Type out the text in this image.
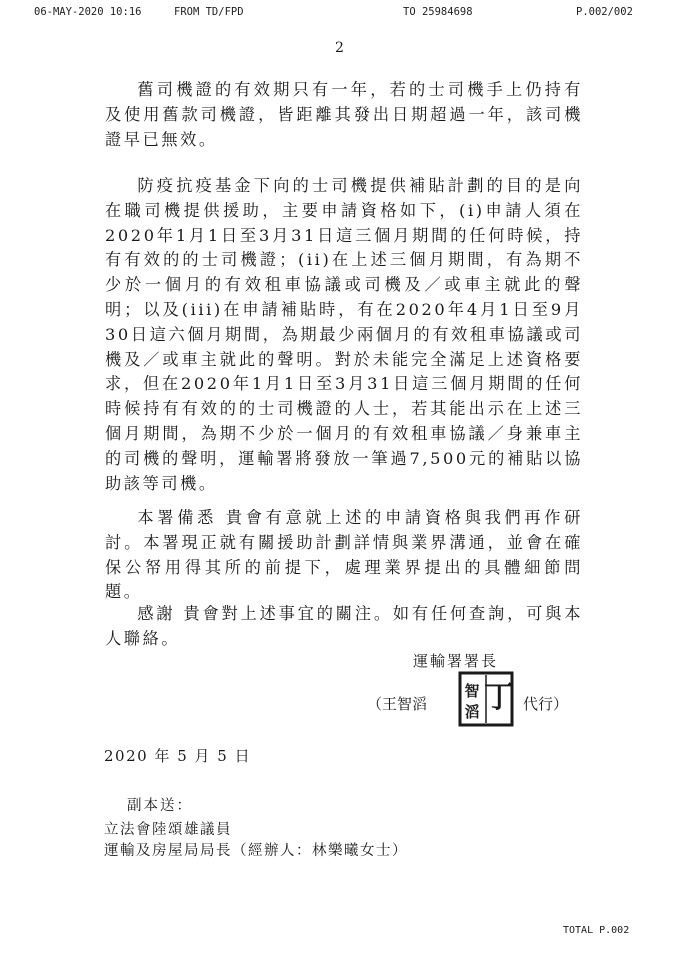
06-MAY-2020 10:16	FROM TD/FPD	TO 25984698	P.002/002
2

舊司機證的有效期只有一年，若的士司機手上仍持有及使用舊款司機證，皆距離其發出日期超過一年，該司機證早已無效。

防疫抗疫基金下向的士司機提供補貼計劃的目的是向在職司機提供援助，主要申請資格如下，(i)申請人須在2020年1月1日至3月31日這三個月期間的任何時候，持有有效的的士司機證；(ii)在上述三個月期間，有為期不少於一個月的有效租車協議或司機及／或車主就此的聲明；以及(iii)在申請補貼時，有在2020年4月1日至9月30日這六個月期間，為期最少兩個月的有效租車協議或司機及／或車主就此的聲明。對於未能完全滿足上述資格要求，但在2020年1月1日至3月31日這三個月期間的任何時候持有有效的的士司機證的人士，若其能出示在上述三個月期間，為期不少於一個月的有效租車協議／身兼車主的司機的聲明，運輸署將發放一筆過7,500元的補貼以協助該等司機。

本署備悉 貴會有意就上述的申請資格與我們再作研討。本署現正就有關援助計劃詳情與業界溝通，並會在確保公帑用得其所的前提下，處理業界提出的具體細節問題。

感謝 貴會對上述事宜的關注。如有任何查詢，可與本人聯絡。

運輸署署長
（王智滔
智
滔 丁 代行）
2020 年 5 月 5 日
副本送：
立法會陸頌雄議員
運輸及房屋局局長（經辦人：林樂曦女士）
TOTAL P.002
